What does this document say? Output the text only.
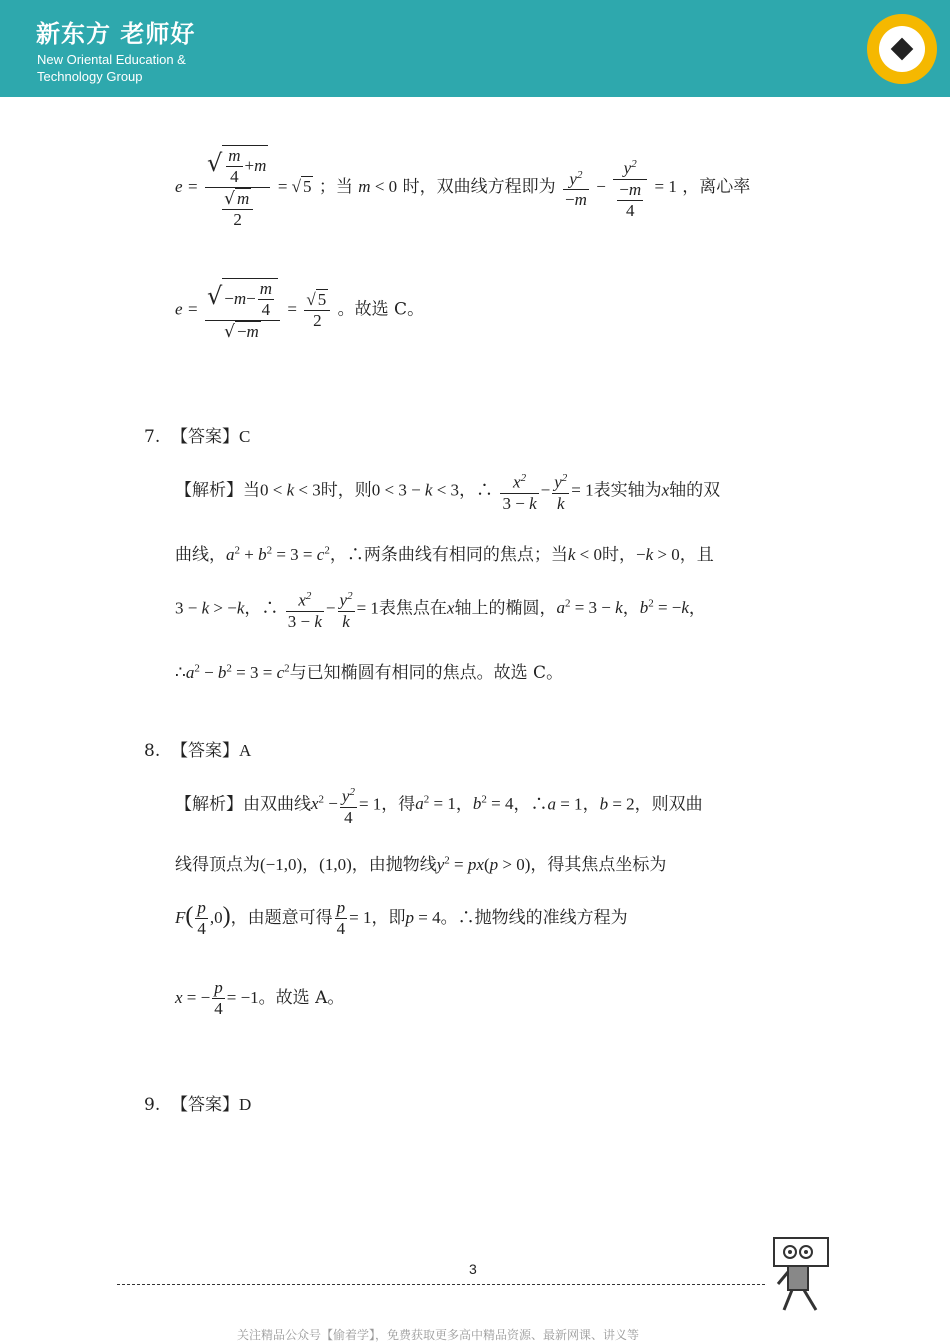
新东方 老师好
New Oriental Education &
Technology Group
$e = \frac{√ \frac{m}{4} +m}{\frac{√ m}{2}}$ = √ 5 ；当 m < 0 时，双曲线方程即为 $\frac{y^2}{-m} - \frac{y^2}{\frac{-m}{4}} = 1$ ，离心率
$e = \frac{√ -m- \frac{m}{4}}{√ -m} = \frac{√ 5}{2}$ 。故选 C。
7. 【答案】C
【解析】当0 < k < 3时，则0 < 3 − k < 3，∴ $\frac{x^2}{3 - k} - \frac{y^2}{k} = 1$表实轴为x轴的双
曲线，$a^2 + b^2 = 3 = c^2$，∴两条曲线有相同的焦点；当k < 0时，−k > 0，且
3 − k > −k，∴ $\frac{x^2}{3 - k} - \frac{y^2}{k} = 1$表焦点在x轴上的椭圆，$a^2 = 3 - k$，$b^2 = -k$，
$\therefore a^2 - b^2 = 3 = c^2$与已知椭圆有相同的焦点。故选 C。
8. 【答案】A
【解析】由双曲线$x^2 - \frac{y^2}{4} = 1$，得$a^2 = 1$，$b^2 = 4$，∴a = 1，b = 2，则双曲
线得顶点为(−1,0)，(1,0)，由抛物线$y^2 = px(p > 0)$，得其焦点坐标为
$F( \frac{p}{4} ,0)$，由题意可得 $\frac{p}{4} = 1$，即p = 4。∴抛物线的准线方程为
x = − $\frac{p}{4} = -1$。故选 A。
9. 【答案】D
3
关注精品公众号【偷着学】，免费获取更多高中精品资源、最新网课、讲义等
